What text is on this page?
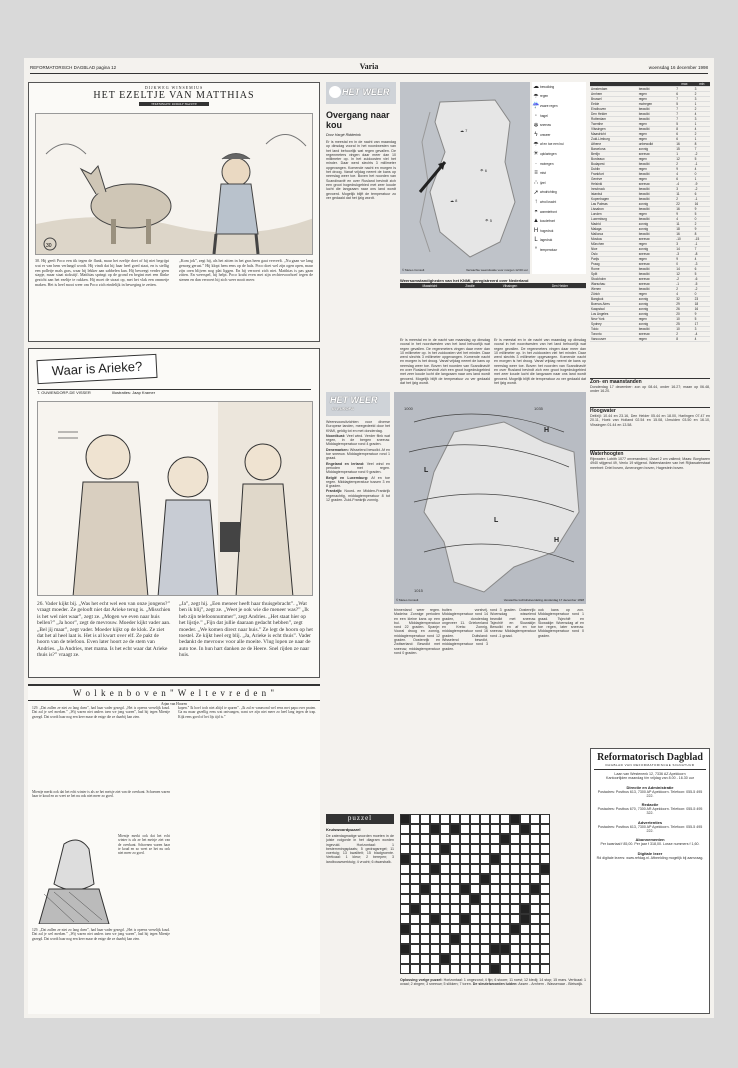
REFORMATORISCH DAGBLAD pagina 12	Varia	woensdag 16 december 1998
DIJKWEG WINSEMIUS
HET EZELTJE VAN MATTHIAS
TEKENINGEN: RUDOLF HAZUVE
30
30. Hij geeft Poco een tik tegen de flank, maar het ezeltje doet of hij niet begrijpt wat er van hem verlangd wordt. Hij vindt dat hij haar heel goed staat, en is stellig een polletje mals gras, waar hij lekker aan sabbelen kan. Hij beweegt verder geen stapje, maar staat stokstijf. Matthias springt op de grond en begint met een flinke gezicht aan het ezeltje te rukken. Hij moet de straat op, met het vlak een ommetje maken. Het is heel mooi weer om Poco zich eindelijk in beweging te zetten.
„Kom jok”, zegt hij, als het zitten in het gras heen gaat verveelt. „Nu gaan we lang genoeg gerust.” Hij klopt hem eens op de hals. Poco doet wel zijn ogen open, maar zijn oren blijven nog plat liggen. En hij verroert zich niet. Matthias is pas gaan zitten. En weerspel, hij helpt. Poco kraht even met zijn rechtervoorhoef tegen de stenen en dan verroert hij zich weer nooit meer.
Waar is Arieke?
T. OUWENDORP-DE VISSER	Illustraties: Jaap Kramer
26. Vader kijkt bij. „Was het echt wel een van onze jongens?” vraagt moeder. Ze gelooft niet dat Arieke terug is. „Misschien is het wel niet waar”, zegt ze. „Mogen we even naar huis bellen?” „Ja hoor”, zegt de mevrouw. Moeder kijkt vader aan. „Bel jij maar”, zegt vader. Moeder kijkt op de klok. Ze ziet dat het al heel laat is. Het is al kwart over elf. Ze pakt de hoorn van de telefoon. Even later hoort ze de stem van Andries. „Ja Andries, met mama. Is het echt waar dat Arieke thuis is?” vraagt ze.
„Ja”, zegt hij. „Een meneer heeft haar thuisgebracht”. „Wat ben ik blij”, zegt ze. „Weet je ook wie die meneer was?” „Ik heb zijn telefoonnummer”, zegt Andries. „Het staat hier op het lijstje.” „Fijn dat jullie daaraan gedacht hebben”, zegt moeder. „We komen direct naar huis.” Ze legt de hoorn op het toestel. Ze kijkt heel erg blij. „Ja, Arieke is echt thuis”. Vader bedankt de mevrouw voor alle moeite. Vlug lopen ze naar de auto toe. In hun hart danken ze de Heere. Snel rijden ze naar huis.
W o l k e n b o v e n " W e l t e v r e d e n "
Arjan van Hooren
129. „Dat zullen ze niet zo lang doen”, had haar vader gezegd. „Het is opeens vreselijk koud. Dat zal je wel merken.” „Wij waren niet anders toen we jong waren”, had hij tegen Mientje gezegd. Dat wordt haar nog een keer maar de enige die ze daarbij kan zien.
Mientje merkt ook dat het echt winter is als ze het meisje ziet van de overkant. Schoenen waren haar te koud en zo weet ze het nu ook niet meer zo goed.
Mientje merkt ook dat het echt winter is als ze het meisje ziet van de overkant. Schoenen waren haar te koud en zo weet ze het nu ook niet meer zo goed.
129. „Dat zullen ze niet zo lang doen”, had haar vader gezegd. „Het is opeens vreselijk koud. Dat zal je wel merken.” „Wij waren niet anders toen we jong waren”, had hij tegen Mientje gezegd. Dat wordt haar nog een keer maar de enige die ze daarbij kan zien.
kopen.” Ik hoef toch niet altijd te sparen”. „Ik zal er vanavond wel eens met papa over praten. Ga nu maar gezellig eens wat ontvangen, want we zijn niet meer zo heel lang tegen de trap. Kijk eens goed of het lijs tijd is.”
HET WEER
Overgang naar kou
Door Hargé Ridderink
Er is meestal en in de nacht van maandag op dinsdag vooral in het noordwesten van het land behoorlijk wat regen gevallen. De regenmeters vingen daar meer dan 10 millimeter op. In het zuidoosten viel het minder. Daar werd slechts 3 millimeter opgevangen. Komende nacht en morgen is het droog. Vanaf vrijdag neemt de kans op neerslag weer toe. Boven het noorden van Scandinavië en over Rusland bevindt zich een groot hogedrukgebied met zeer koude lucht die langzaam naar ons land wordt gevoerd. Mogelijk blijft de temperatuur zo ver gedaald dat het ijzig wordt.
☁ 7
☂ 6
☁ 8
☂ 5
© Meteo Consult	Verwachte weersituatie voor morgen 12:00 uur
☁ bewolking
☂ regen
☔ zware regen
◦ hagel
❄ sneeuw
ϟ onweer
☂ af en toe een bui
☀ opklaringen
· motregen
≡ mist
∴ ijzel
➚ windrichting
↑ wind kracht
◓ warmtefront
▲ koudefront
H hogedruk
L lagedruk
° temperatuur
Weersomstandigheden van het KNMI, geregistreerd over Nederland
	Maastricht	Zwolle	Vlissingen	Den Helder
Er is meestal en in de nacht van maandag op dinsdag vooral in het noordwesten van het land behoorlijk wat regen gevallen. De regenmeters vingen daar meer dan 10 millimeter op. In het zuidoosten viel het minder. Daar werd slechts 3 millimeter opgevangen. Komende nacht en morgen is het droog. Vanaf vrijdag neemt de kans op neerslag weer toe. Boven het noorden van Scandinavië en over Rusland bevindt zich een groot hogedrukgebied met zeer koude lucht die langzaam naar ons land wordt gevoerd. Mogelijk blijft de temperatuur zo ver gedaald dat het ijzig wordt.
Er is meestal en in de nacht van maandag op dinsdag vooral in het noordwesten van het land behoorlijk wat regen gevallen. De regenmeters vingen daar meer dan 10 millimeter op. In het zuidoosten viel het minder. Daar werd slechts 3 millimeter opgevangen. Komende nacht en morgen is het droog. Vanaf vrijdag neemt de kans op neerslag weer toe. Boven het noorden van Scandinavië en over Rusland bevindt zich een groot hogedrukgebied met zeer koude lucht die langzaam naar ons land wordt gevoerd. Mogelijk blijft de temperatuur zo ver gedaald dat het ijzig wordt.
		max	min
Amsterdam	bewolkt	7	3
Arnhem	regen	6	2
Brussel	regen	7	3
Eelde	motregen	5	1
Eindhoven	bewolkt	7	2
Den Helder	bewolkt	7	4
Rotterdam	bewolkt	7	3
Twenthe	regen	5	1
Vlissingen	bewolkt	8	4
Maastricht	regen	6	2
Zuid-Limburg	regen	6	1
Athene	onbewolkt	16	8
Barcelona	zonnig	15	7
Berlijn	sneeuw	1	-2
Bordeaux	regen	12	5
Budapest	bewolkt	2	-1
Dublin	regen	9	4
Frankfurt	bewolkt	4	0
Genève	regen	6	1
Helsinki	sneeuw	-4	-9
Innsbruck	bewolkt	3	-2
Istanbul	bewolkt	11	6
Kopenhagen	bewolkt	2	-1
Las Palmas	zonnig	22	16
Lissabon	bewolkt	16	9
Londen	regen	9	5
Luxemburg	bewolkt	4	0
Madrid	zonnig	11	2
Malaga	zonnig	18	9
Mallorca	bewolkt	16	8
Moskou	sneeuw	-10	-15
München	regen	3	-1
Nice	zonnig	14	7
Oslo	sneeuw	-3	-8
Parijs	regen	9	4
Praag	sneeuw	0	-3
Rome	bewolkt	14	6
Split	bewolkt	12	5
Stockholm	sneeuw	-2	-6
Warschau	sneeuw	-1	-5
Wenen	bewolkt	2	-2
Zürich	regen	4	0
Bangkok	zonnig	32	23
Buenos Aires	zonnig	29	18
Kaapstad	zonnig	26	16
Los Angeles	zonnig	20	9
New York	regen	10	5
Sydney	zonnig	25	17
Tokio	bewolkt	10	3
Toronto	sneeuw	2	-4
Vancouver	regen	8	4
HET WEER
IN EUROPA

Weersvooruitzichten voor diverse Europese landen, meegedeeld door het KNMI, geldig tot en met donderdag.

Noordkust: Veel wind. Verder flink wat regen, in de bergen sneeuw. Middagtemperatuur rond 4 graden.

Denemarken: Wisselend bewolkt. Af en toe sneeuw. Middagtemperatuur rond 1 graad.

Engeland en Ierland: Veel wind en perioden met regen. Middagtemperatuur rond 9 graden.

België en Luxemburg: Af en toe regen. Middagtemperatuur tussen 3 en 8 graden.

Frankrijk: Noord- en Midden-Frankrijk regenachtig, middagtemperatuur 8 tot 12 graden. Zuid-Frankrijk zonnig.

H
L
L
H
1000	1035
1015
© Meteo Consult	Verwachte luchtdrukverdeling donderdag 17 december 1998
binnenland weer regen. Madeira: Zonnige perioden en een kleine kans op een bui. Middagtemperatuur rond 22 graden. Spanje: Vooral droog en zonnig, middagtemperatuur rond 12 graden. Oostenrijk en Zwitserland: Bewolkt met sneeuw, middagtemperatuur rond 0 graden.
buiten vorstvrij. Middagtemperatuur rond 14 graden, donderdag ongeveer 11. Griekenland en Kreta: Zonnig, middagtemperatuur rond 16 graden. Duitsland: Wisselend bewolkt, middagtemperatuur rond 3 graden.
rond 3 graden. Oostenrijk: Woensdag wisselend bewolkt met sneeuw. Tsjechië en Slowakije: Bewolkt en af en toe sneeuw. Middagtemperatuur rond -1 graad.
ook kans op zon. Middagtemperatuur rond 1 graad. Tsjechië en Slowakije: Woensdag af en toe regen, later sneeuw. Middagtemperatuur rond 0 graden.
Zon- en maanstanden
Donderdag 17 december: zon op 08.44, onder 16.27; maan op 06.48, onder 16.20.
Hoogwater
Delfzijl: 10.44 en 23.16, Den Helder 05.44 en 18.00, Harlingen 07.47 en 20.11, Hoek van Holland 02.54 en 15.08, IJmuiden 03.50 en 16.10, Vlissingen 01.44 en 13.58.
Waterhoogten
Rijnwater: Lobith 1077 onveranderd, IJssel 2 cm vallend; Maas: Borgharen 4940 stijgend 49, Venlo 19 stijgend. Waterstanden van het Rijkswaterstaat meetnet: Driel boven, Amerongen boven, Hagestein boven.
Reformatorisch Dagblad
DAGBLAD VAN REFORMATORISCHE SIGNATUUR
Laan van Westenenk 12, 7336 AZ Apeldoorn
Kantoortijden maandag t/m vrijdag van 8.00 - 16.30 uur
Directie en Administratie
Postadres: Postbus 613, 7300 AP Apeldoorn. Telefoon: 055-5 495 222.
Redactie
Postadres: Postbus 670, 7300 AR Apeldoorn. Telefoon: 055-5 495 322.
Advertenties
Postadres: Postbus 613, 7300 AP Apeldoorn. Telefoon: 055-5 495 222.
Abonnementen
Per kwartaal f 85,00. Per jaar f 318,00. Losse nummers f 1,60.
Digitale lezer
Rd digitale lezers: www.refdag.nl. Afbeelding mogelijk bij aanvraag.
puzzel
Kruiswoordpuzzel
De zaterdagmatige woorden moeten in de juiste volgorde in het diagram worden ingevuld. Horizontaal: 1 bestemmingsplaats; 5 gedragsregel; 11 voertuig; 13 kwaliteit; 15 bladgroente. Verticaal: 1 kleur; 2 berepen; 3 landbouwwerktuig; 4 vrucht; 6 dwarsbalk.
Oplossing vorige puzzel: Horizontaal: 1 ongezond; 4 fijn; 6 stoom; 11 roest; 12 kledij; 14 stop; 15 mars. Verticaal: 1 ovaal; 2 zingen; 3 sneeuw; 5 slikken; 7 toren. De sleutelwoorden luiden: Assen - Arnhem - Wassenaar - Bleiswijk.
